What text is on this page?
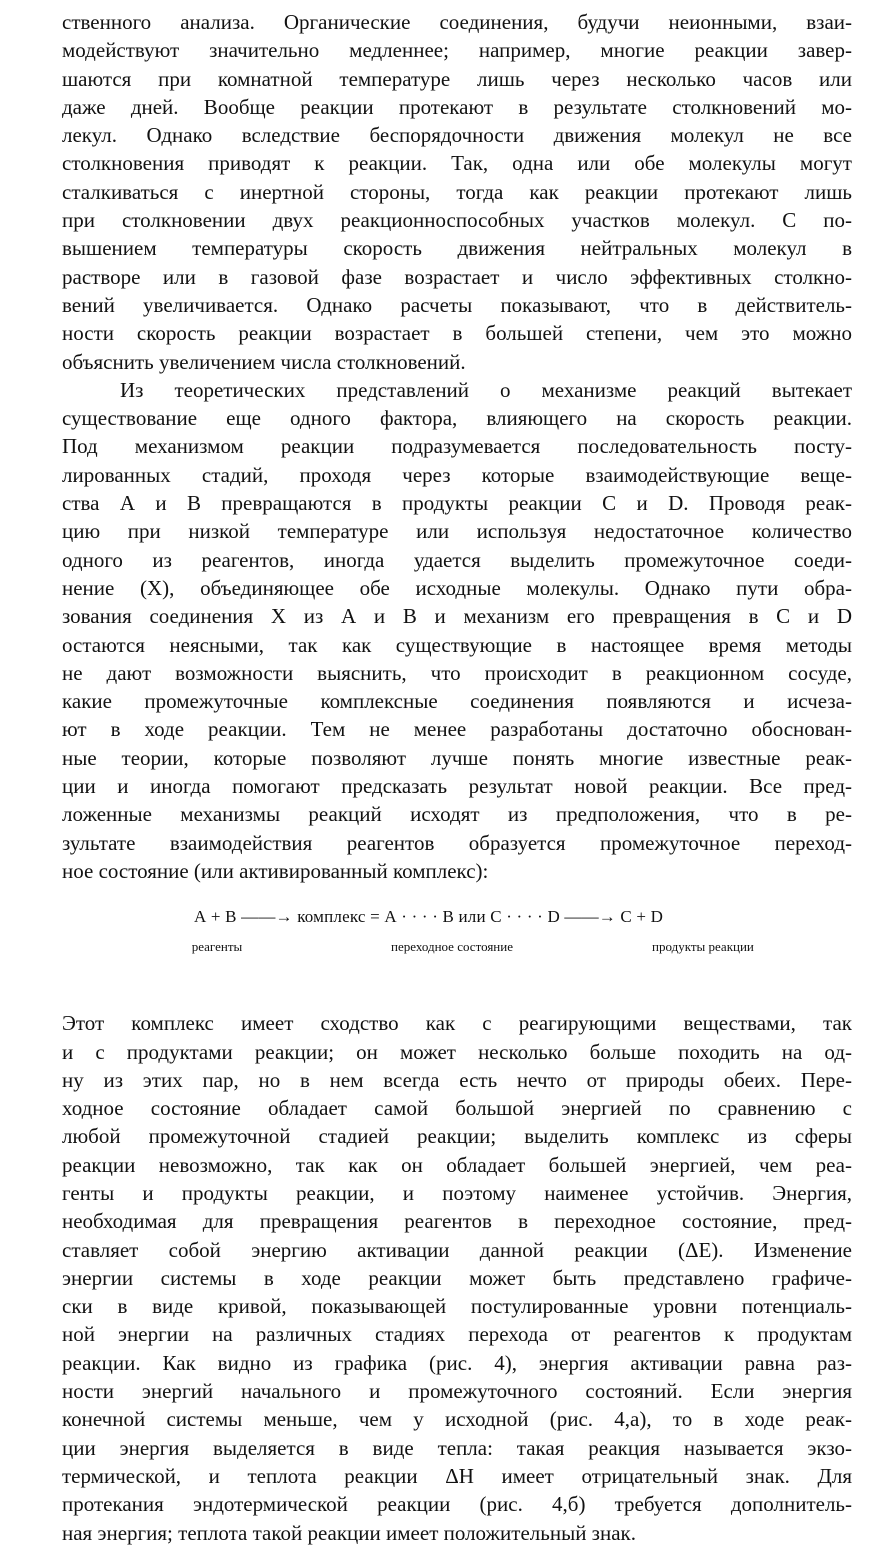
ственного анализа. Органические соединения, будучи неионными, взаи-
модействуют значительно медленнее; например, многие реакции завер-
шаются при комнатной температуре лишь через несколько часов или
даже дней. Вообще реакции протекают в результате столкновений мо-
лекул. Однако вследствие беспорядочности движения молекул не все
столкновения приводят к реакции. Так, одна или обе молекулы могут
сталкиваться с инертной стороны, тогда как реакции протекают лишь
при столкновении двух реакционноспособных участков молекул. С по-
вышением температуры скорость движения нейтральных молекул в
растворе или в газовой фазе возрастает и число эффективных столкно-
вений увеличивается. Однако расчеты показывают, что в действитель-
ности скорость реакции возрастает в большей степени, чем это можно
объяснить увеличением числа столкновений.

Из теоретических представлений о механизме реакций вытекает
существование еще одного фактора, влияющего на скорость реакции.
Под механизмом реакции подразумевается последовательность посту-
лированных стадий, проходя через которые взаимодействующие веще-
ства А и В превращаются в продукты реакции С и D. Проводя реак-
цию при низкой температуре или используя недостаточное количество
одного из реагентов, иногда удается выделить промежуточное соеди-
нение (X), объединяющее обе исходные молекулы. Однако пути обра-
зования соединения X из А и В и механизм его превращения в С и D
остаются неясными, так как существующие в настоящее время методы
не дают возможности выяснить, что происходит в реакционном сосуде,
какие промежуточные комплексные соединения появляются и исчеза-
ют в ходе реакции. Тем не менее разработаны достаточно обоснован-
ные теории, которые позволяют лучше понять многие известные реак-
ции и иногда помогают предсказать результат новой реакции. Все пред-
ложенные механизмы реакций исходят из предположения, что в ре-
зультате взаимодействия реагентов образуется промежуточное переход-
ное состояние (или активированный комплекс):

А + В ——→ комплекс = А · · · · В или С · · · · D ——→ С + D
реагенты	переходное состояние	продукты реакции

Этот комплекс имеет сходство как с реагирующими веществами, так
и с продуктами реакции; он может несколько больше походить на од-
ну из этих пар, но в нем всегда есть нечто от природы обеих. Пере-
ходное состояние обладает самой большой энергией по сравнению с
любой промежуточной стадией реакции; выделить комплекс из сферы
реакции невозможно, так как он обладает большей энергией, чем реа-
генты и продукты реакции, и поэтому наименее устойчив. Энергия,
необходимая для превращения реагентов в переходное состояние, пред-
ставляет собой энергию активации данной реакции (ΔE). Изменение
энергии системы в ходе реакции может быть представлено графиче-
ски в виде кривой, показывающей постулированные уровни потенциаль-
ной энергии на различных стадиях перехода от реагентов к продуктам
реакции. Как видно из графика (рис. 4), энергия активации равна раз-
ности энергий начального и промежуточного состояний. Если энергия
конечной системы меньше, чем у исходной (рис. 4,а), то в ходе реак-
ции энергия выделяется в виде тепла: такая реакция называется экзо-
термической, и теплота реакции ΔH имеет отрицательный знак. Для
протекания эндотермической реакции (рис. 4,б) требуется дополнитель-
ная энергия; теплота такой реакции имеет положительный знак.
